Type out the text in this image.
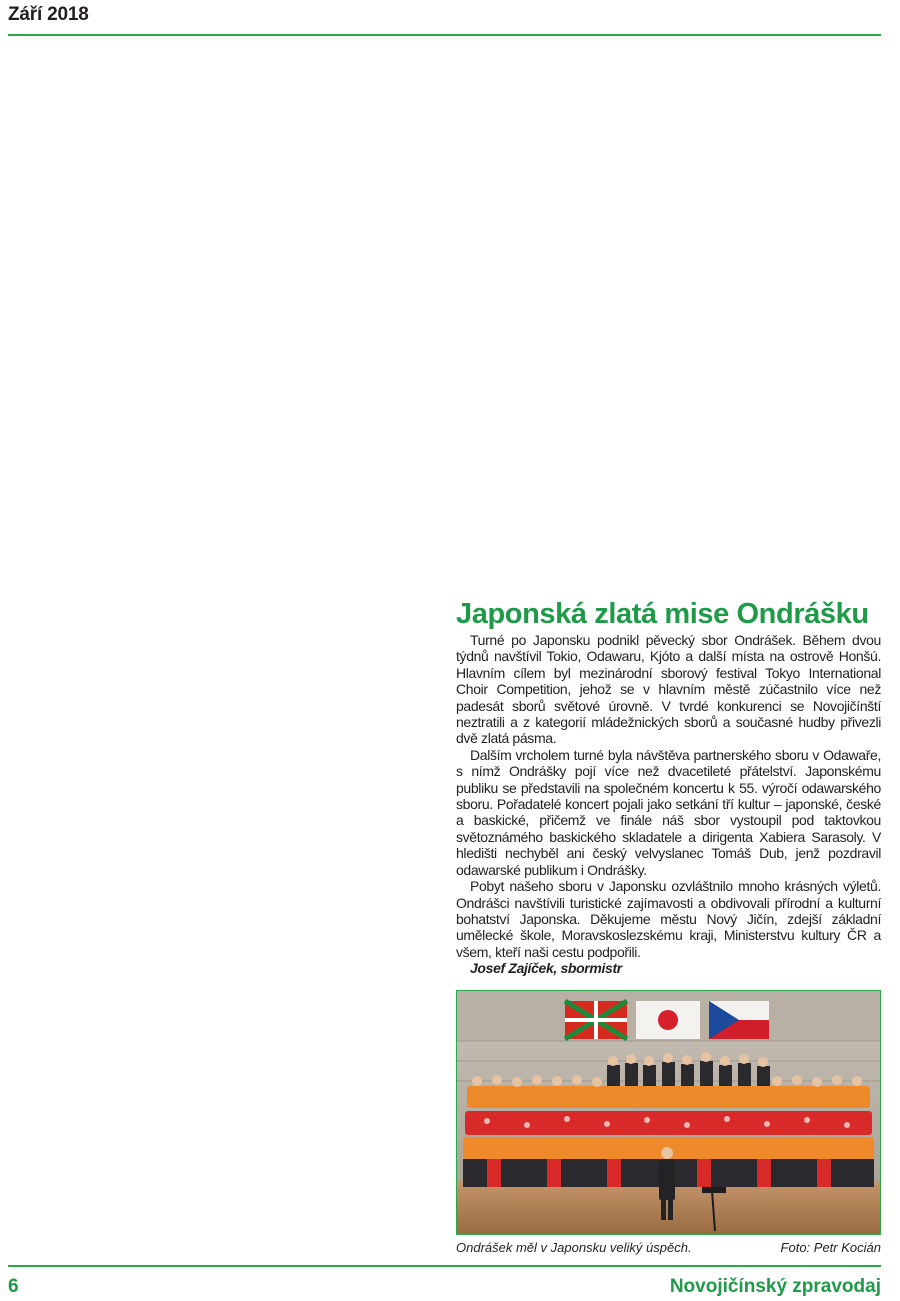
Září 2018
Japonská zlatá mise Ondrášku

Turné po Japonsku podnikl pěvecký sbor Ondrášek. Během dvou týdnů navštívil Tokio, Odawaru, Kjóto a další místa na ostrově Honšú. Hlavním cílem byl mezinárodní sborový festival Tokyo International Choir Competition, jehož se v hlavním městě zúčastnilo více než padesát sborů světové úrovně. V tvrdé konkurenci se Novojičínští neztratili a z kategorií mládežnických sborů a současné hudby přivezli dvě zlatá pásma.

Dalším vrcholem turné byla návštěva partnerského sboru v Odawaře, s nímž Ondrášky pojí více než dvacetileté přátelství. Japonskému publiku se představili na společném koncertu k 55. výročí odawarského sboru. Pořadatelé koncert pojali jako setkání tří kultur – japonské, české a baskické, přičemž ve finále náš sbor vystoupil pod taktovkou světoznámého baskického skladatele a dirigenta Xabiera Sarasoly. V hledišti nechyběl ani český velvyslanec Tomáš Dub, jenž pozdravil odawarské publikum i Ondrášky.

Pobyt našeho sboru v Japonsku ozvláštnilo mnoho krásných výletů. Ondrášci navštívili turistické zajímavosti a obdivovali přírodní a kulturní bohatství Japonska. Děkujeme městu Nový Jičín, zdejší základní umělecké škole, Moravskoslezskému kraji, Ministerstvu kultury ČR a všem, kteří naši cestu podpořili.

Josef Zajíček, sbormistr

Ondrášek měl v Japonsku veliký úspěch.	Foto: Petr Kocián
6	Novojičínský zpravodaj
